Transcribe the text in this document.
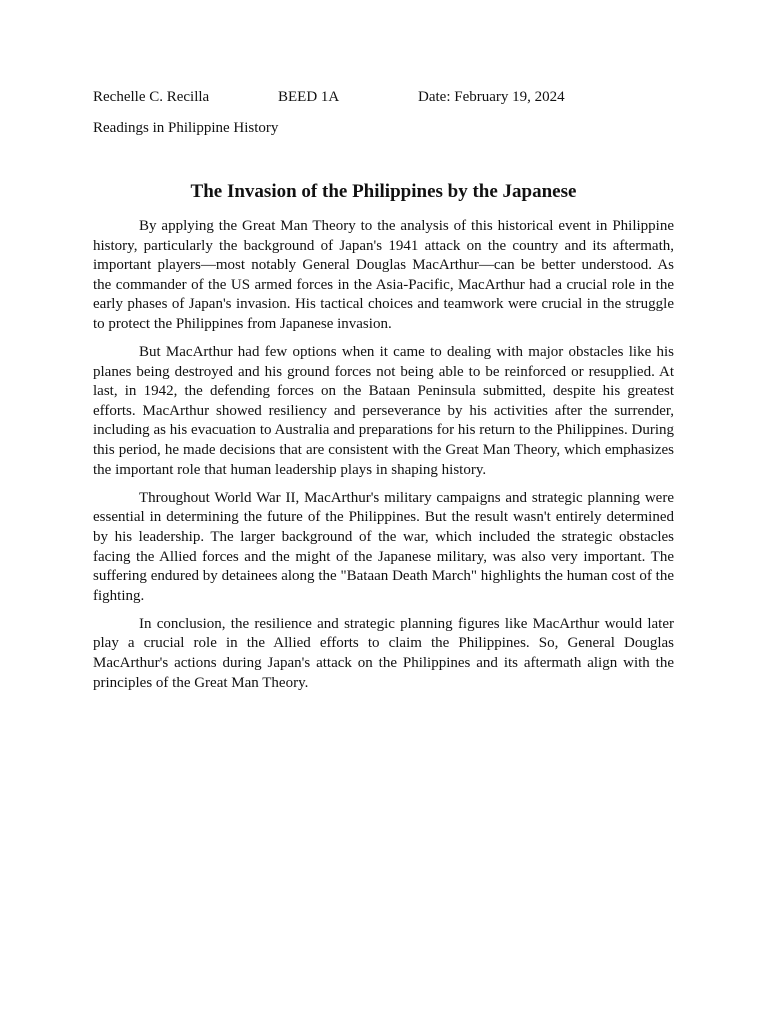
Rechelle C. Recilla	BEED 1A	Date: February 19, 2024
Readings in Philippine History
The Invasion of the Philippines by the Japanese

By applying the Great Man Theory to the analysis of this historical event in Philippine history, particularly the background of Japan's 1941 attack on the country and its aftermath, important players—most notably General Douglas MacArthur—can be better understood. As the commander of the US armed forces in the Asia-Pacific, MacArthur had a crucial role in the early phases of Japan's invasion. His tactical choices and teamwork were crucial in the struggle to protect the Philippines from Japanese invasion.

But MacArthur had few options when it came to dealing with major obstacles like his planes being destroyed and his ground forces not being able to be reinforced or resupplied. At last, in 1942, the defending forces on the Bataan Peninsula submitted, despite his greatest efforts. MacArthur showed resiliency and perseverance by his activities after the surrender, including as his evacuation to Australia and preparations for his return to the Philippines. During this period, he made decisions that are consistent with the Great Man Theory, which emphasizes the important role that human leadership plays in shaping history.

Throughout World War II, MacArthur's military campaigns and strategic planning were essential in determining the future of the Philippines. But the result wasn't entirely determined by his leadership. The larger background of the war, which included the strategic obstacles facing the Allied forces and the might of the Japanese military, was also very important. The suffering endured by detainees along the "Bataan Death March" highlights the human cost of the fighting.

In conclusion, the resilience and strategic planning figures like MacArthur would later play a crucial role in the Allied efforts to claim the Philippines. So, General Douglas MacArthur's actions during Japan's attack on the Philippines and its aftermath align with the principles of the Great Man Theory.
